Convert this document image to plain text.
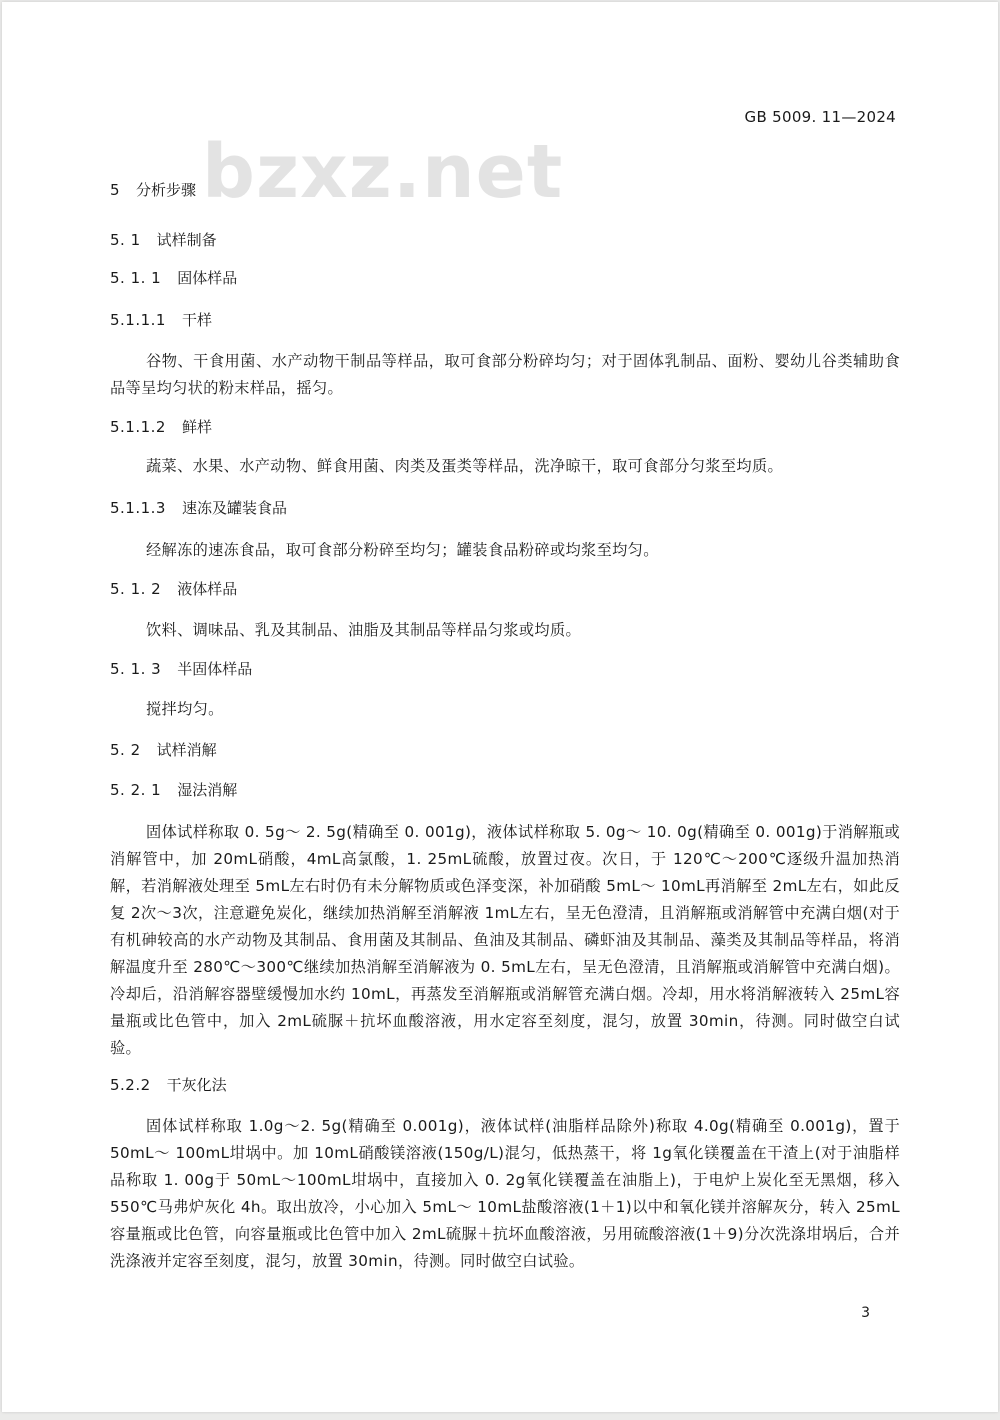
bzxz.net
GB 5009. 11—2024
5 分析步骤
5. 1 试样制备
5. 1. 1 固体样品
5.1.1.1 干样
谷物、干食用菌、水产动物干制品等样品，取可食部分粉碎均匀；对于固体乳制品、面粉、婴幼儿谷类辅助食品等呈均匀状的粉末样品，摇匀。
5.1.1.2 鲜样
蔬菜、水果、水产动物、鲜食用菌、肉类及蛋类等样品，洗净晾干，取可食部分匀浆至均质。
5.1.1.3 速冻及罐装食品
经解冻的速冻食品，取可食部分粉碎至均匀；罐装食品粉碎或均浆至均匀。
5. 1. 2 液体样品
饮料、调味品、乳及其制品、油脂及其制品等样品匀浆或均质。
5. 1. 3 半固体样品
搅拌均匀。
5. 2 试样消解
5. 2. 1 湿法消解
固体试样称取 0. 5g～ 2. 5g(精确至 0. 001g)，液体试样称取 5. 0g～ 10. 0g(精确至 0. 001g)于消解瓶或消解管中，加 20mL硝酸，4mL高氯酸，1. 25mL硫酸，放置过夜。次日，于 120℃～200℃逐级升温加热消解，若消解液处理至 5mL左右时仍有未分解物质或色泽变深，补加硝酸 5mL～ 10mL再消解至 2mL左右，如此反复 2次～3次，注意避免炭化，继续加热消解至消解液 1mL左右，呈无色澄清，且消解瓶或消解管中充满白烟(对于有机砷较高的水产动物及其制品、食用菌及其制品、鱼油及其制品、磷虾油及其制品、藻类及其制品等样品，将消解温度升至 280℃～300℃继续加热消解至消解液为 0. 5mL左右，呈无色澄清，且消解瓶或消解管中充满白烟)。冷却后，沿消解容器壁缓慢加水约 10mL，再蒸发至消解瓶或消解管充满白烟。冷却，用水将消解液转入 25mL容量瓶或比色管中，加入 2mL硫脲＋抗坏血酸溶液，用水定容至刻度，混匀，放置 30min，待测。同时做空白试验。
5.2.2 干灰化法
固体试样称取 1.0g～2. 5g(精确至 0.001g)，液体试样(油脂样品除外)称取 4.0g(精确至 0.001g)，置于 50mL～ 100mL坩埚中。加 10mL硝酸镁溶液(150g/L)混匀，低热蒸干，将 1g氧化镁覆盖在干渣上(对于油脂样品称取 1. 00g于 50mL～100mL坩埚中，直接加入 0. 2g氧化镁覆盖在油脂上)，于电炉上炭化至无黑烟，移入 550℃马弗炉灰化 4h。取出放冷，小心加入 5mL～ 10mL盐酸溶液(1＋1)以中和氧化镁并溶解灰分，转入 25mL容量瓶或比色管，向容量瓶或比色管中加入 2mL硫脲＋抗坏血酸溶液，另用硫酸溶液(1＋9)分次洗涤坩埚后，合并洗涤液并定容至刻度，混匀，放置 30min，待测。同时做空白试验。
3
